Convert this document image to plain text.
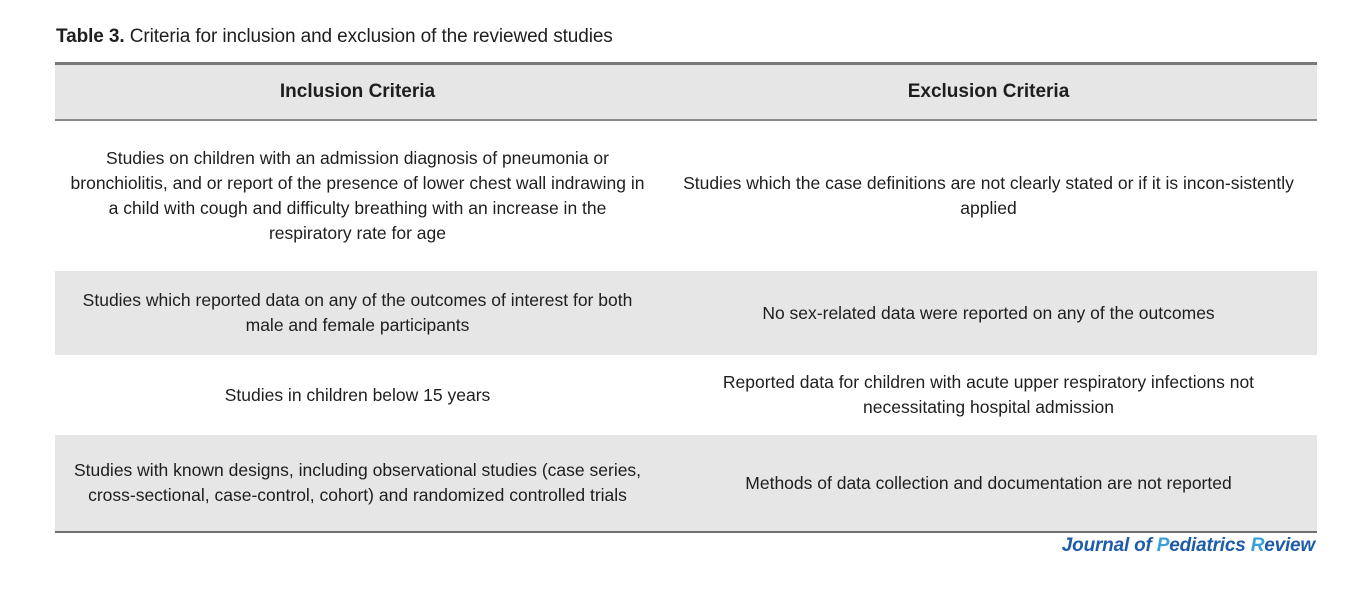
Table 3. Criteria for inclusion and exclusion of the reviewed studies
Inclusion Criteria	Exclusion Criteria
Studies on children with an admission diagnosis of pneumonia or bronchiolitis, and or report of the presence of lower chest wall indrawing in a child with cough and difficulty breathing with an increase in the respiratory rate for age	Studies which the case definitions are not clearly stated or if it is incon-sistently applied
Studies which reported data on any of the outcomes of interest for both male and female participants	No sex-related data were reported on any of the outcomes
Studies in children below 15 years	Reported data for children with acute upper respiratory infections not necessitating hospital admission
Studies with known designs, including observational studies (case series, cross-sectional, case-control, cohort) and randomized controlled trials	Methods of data collection and documentation are not reported
Journal of Pediatrics Review
